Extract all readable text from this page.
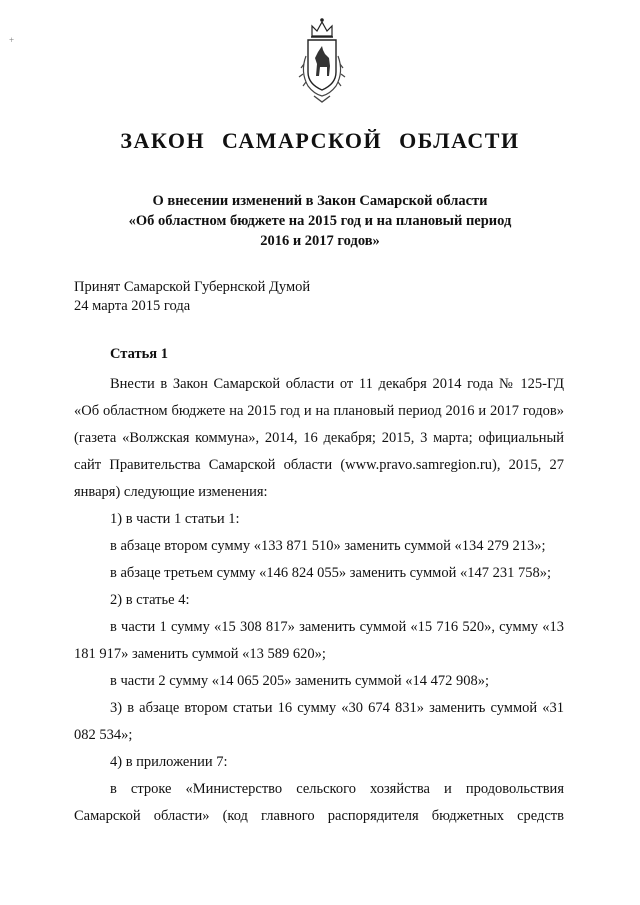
ЗАКОН САМАРСКОЙ ОБЛАСТИ
О внесении изменений в Закон Самарской области
«Об областном бюджете на 2015 год и на плановый период
2016 и 2017 годов»
Принят Самарской Губернской Думой
24 марта 2015 года
Статья 1

Внести в Закон Самарской области от 11 декабря 2014 года № 125-ГД «Об областном бюджете на 2015 год и на плановый период 2016 и 2017 годов» (газета «Волжская коммуна», 2014, 16 декабря; 2015, 3 марта; официальный сайт Правительства Самарской области (www.pravo.samregion.ru), 2015, 27 января) следующие изменения:

1) в части 1 статьи 1:

в абзаце втором сумму «133 871 510» заменить суммой «134 279 213»;

в абзаце третьем сумму «146 824 055» заменить суммой «147 231 758»;

2) в статье 4:

в части 1 сумму «15 308 817» заменить суммой «15 716 520», сумму «13 181 917» заменить суммой «13 589 620»;

в части 2 сумму «14 065 205» заменить суммой «14 472 908»;

3) в абзаце втором статьи 16 сумму «30 674 831» заменить суммой «31 082 534»;

4) в приложении 7:

в строке «Министерство сельского хозяйства и продовольствия Самарской области» (код главного распорядителя бюджетных средств

+
